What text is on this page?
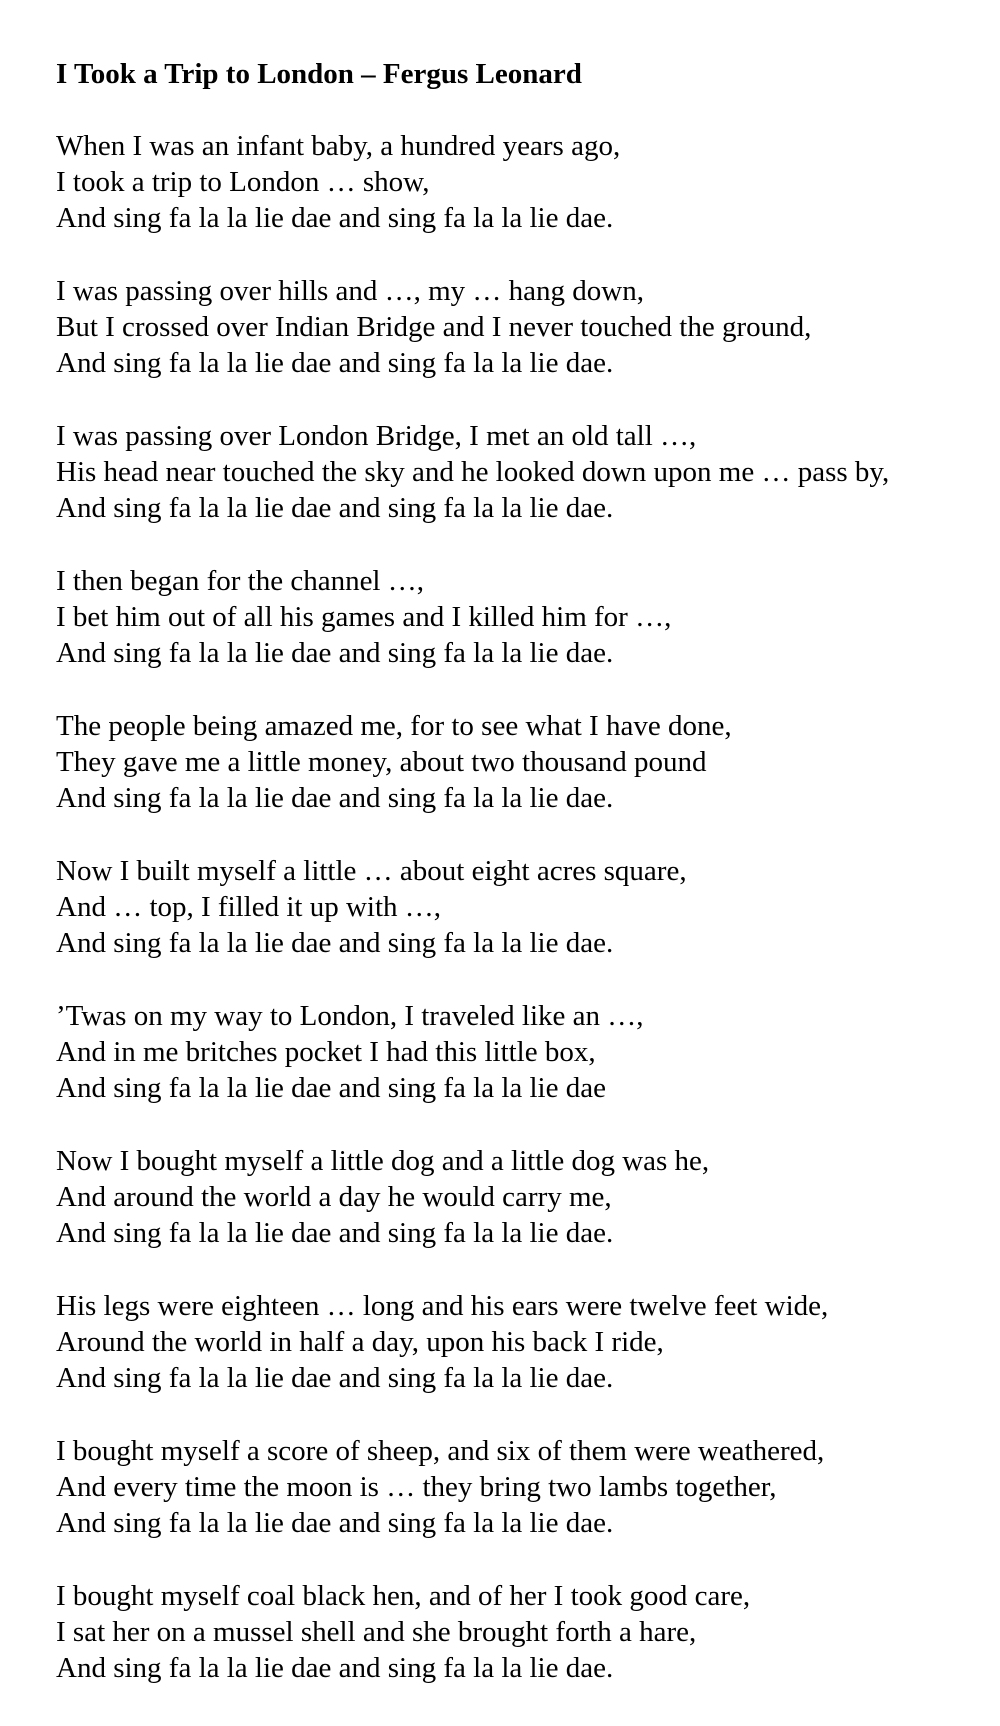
I Took a Trip to London – Fergus Leonard
When I was an infant baby, a hundred years ago,
I took a trip to London … show,
And sing fa la la lie dae and sing fa la la lie dae.
I was passing over hills and …, my … hang down,
But I crossed over Indian Bridge and I never touched the ground,
And sing fa la la lie dae and sing fa la la lie dae.
I was passing over London Bridge, I met an old tall …,
His head near touched the sky and he looked down upon me … pass by,
And sing fa la la lie dae and sing fa la la lie dae.
I then began for the channel …,
I bet him out of all his games and I killed him for …,
And sing fa la la lie dae and sing fa la la lie dae.
The people being amazed me, for to see what I have done,
They gave me a little money, about two thousand pound
And sing fa la la lie dae and sing fa la la lie dae.
Now I built myself a little … about eight acres square,
And … top, I filled it up with …,
And sing fa la la lie dae and sing fa la la lie dae.
’Twas on my way to London, I traveled like an …,
And in me britches pocket I had this little box,
And sing fa la la lie dae and sing fa la la lie dae
Now I bought myself a little dog and a little dog was he,
And around the world a day he would carry me,
And sing fa la la lie dae and sing fa la la lie dae.
His legs were eighteen … long and his ears were twelve feet wide,
Around the world in half a day, upon his back I ride,
And sing fa la la lie dae and sing fa la la lie dae.
I bought myself a score of sheep, and six of them were weathered,
And every time the moon is … they bring two lambs together,
And sing fa la la lie dae and sing fa la la lie dae.
I bought myself coal black hen, and of her I took good care,
I sat her on a mussel shell and she brought forth a hare,
And sing fa la la lie dae and sing fa la la lie dae.
